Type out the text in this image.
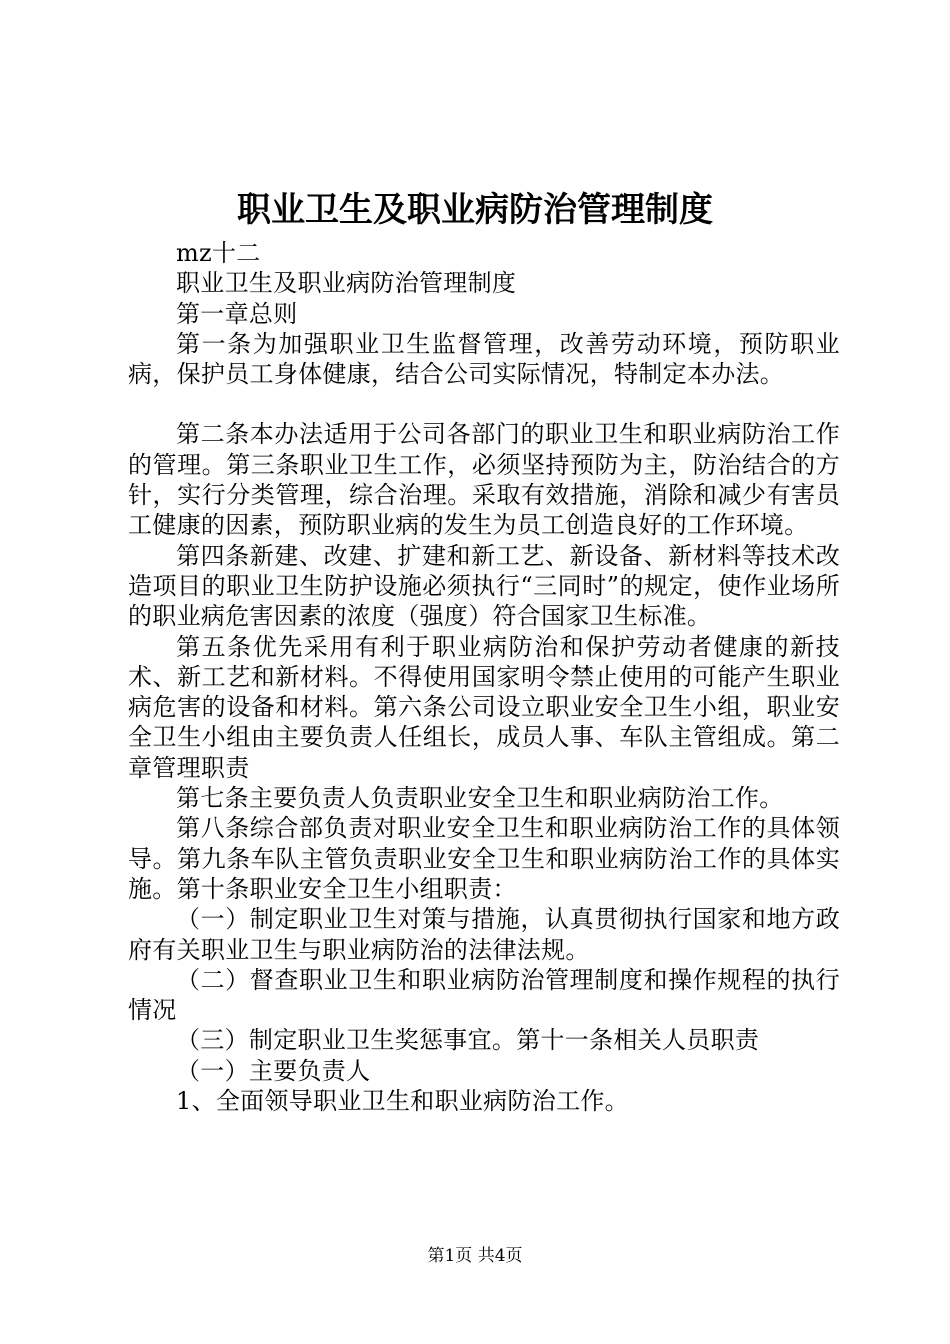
职业卫生及职业病防治管理制度

mz十二

职业卫生及职业病防治管理制度

第一章总则

第一条为加强职业卫生监督管理，改善劳动环境，预防职业病，保护员工身体健康，结合公司实际情况，特制定本办法。

第二条本办法适用于公司各部门的职业卫生和职业病防治工作的管理。第三条职业卫生工作，必须坚持预防为主，防治结合的方针，实行分类管理，综合治理。采取有效措施，消除和减少有害员工健康的因素，预防职业病的发生为员工创造良好的工作环境。

第四条新建、改建、扩建和新工艺、新设备、新材料等技术改造项目的职业卫生防护设施必须执行“三同时”的规定，使作业场所的职业病危害因素的浓度（强度）符合国家卫生标准。

第五条优先采用有利于职业病防治和保护劳动者健康的新技术、新工艺和新材料。不得使用国家明令禁止使用的可能产生职业病危害的设备和材料。第六条公司设立职业安全卫生小组，职业安全卫生小组由主要负责人任组长，成员人事、车队主管组成。第二章管理职责

第七条主要负责人负责职业安全卫生和职业病防治工作。

第八条综合部负责对职业安全卫生和职业病防治工作的具体领导。第九条车队主管负责职业安全卫生和职业病防治工作的具体实施。第十条职业安全卫生小组职责：

（一）制定职业卫生对策与措施，认真贯彻执行国家和地方政府有关职业卫生与职业病防治的法律法规。

（二）督查职业卫生和职业病防治管理制度和操作规程的执行情况

（三）制定职业卫生奖惩事宜。第十一条相关人员职责

（一）主要负责人

1、全面领导职业卫生和职业病防治工作。

第1页 共4页
